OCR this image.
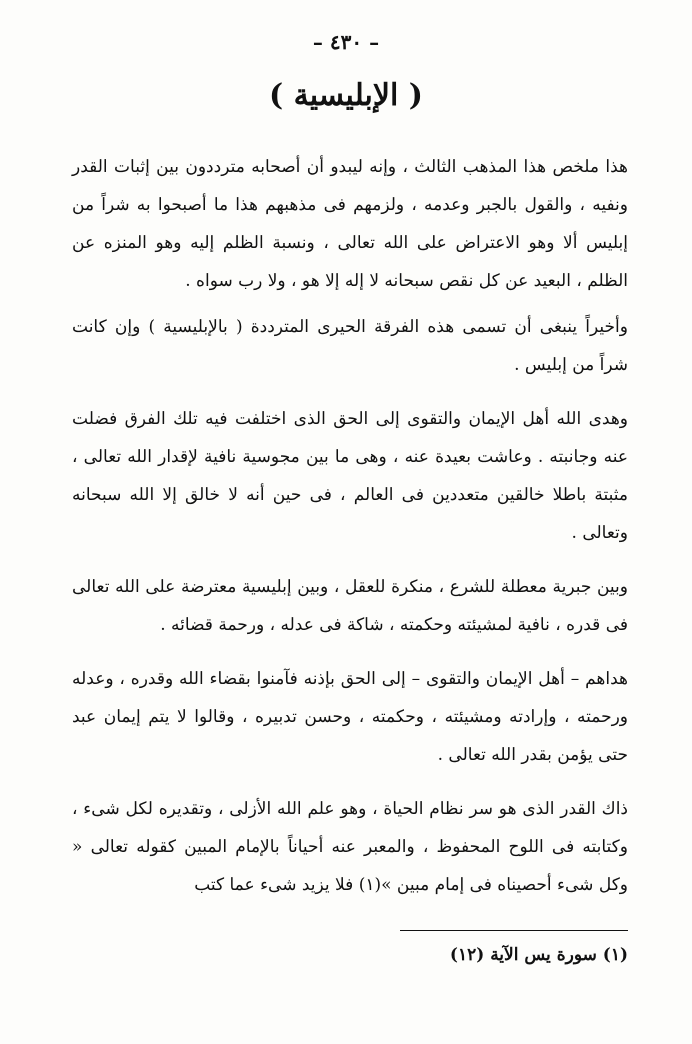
– ٤٣٠ –
( الإبليسية )

هذا ملخص هذا المذهب الثالث ، وإنه ليبدو أن أصحابه مترددون بين إثبات القدر ونفيه ، والقول بالجبر وعدمه ، ولزمهم فى مذهبهم هذا ما أصبحوا به شراً من إبليس ألا وهو الاعتراض على الله تعالى ، ونسبة الظلم إليه وهو المنزه عن الظلم ، البعيد عن كل نقص سبحانه لا إله إلا هو ، ولا رب سواه .

وأخيراً ينبغى أن تسمى هذه الفرقة الحيرى المترددة ( بالإبليسية ) وإن كانت شراً من إبليس .

وهدى الله أهل الإيمان والتقوى إلى الحق الذى اختلفت فيه تلك الفرق فضلت عنه وجانبته . وعاشت بعيدة عنه ، وهى ما بين مجوسية نافية لإقدار الله تعالى ، مثبتة باطلا خالقين متعددين فى العالم ، فى حين أنه لا خالق إلا الله سبحانه وتعالى .

وبين جبرية معطلة للشرع ، منكرة للعقل ، وبين إبليسية معترضة على الله تعالى فى قدره ، نافية لمشيئته وحكمته ، شاكة فى عدله ، ورحمة قضائه .

هداهم – أهل الإيمان والتقوى – إلى الحق بإذنه فآمنوا بقضاء الله وقدره ، وعدله ورحمته ، وإرادته ومشيئته ، وحكمته ، وحسن تدبيره ، وقالوا لا يتم إيمان عبد حتى يؤمن بقدر الله تعالى .

ذاك القدر الذى هو سر نظام الحياة ، وهو علم الله الأزلى ، وتقديره لكل شىء ، وكتابته فى اللوح المحفوظ ، والمعبر عنه أحياناً بالإمام المبين كقوله تعالى « وكل شىء أحصيناه فى إمام مبين »(١) فلا يزيد شىء عما كتب

(١) سورة يس الآية (١٢)
